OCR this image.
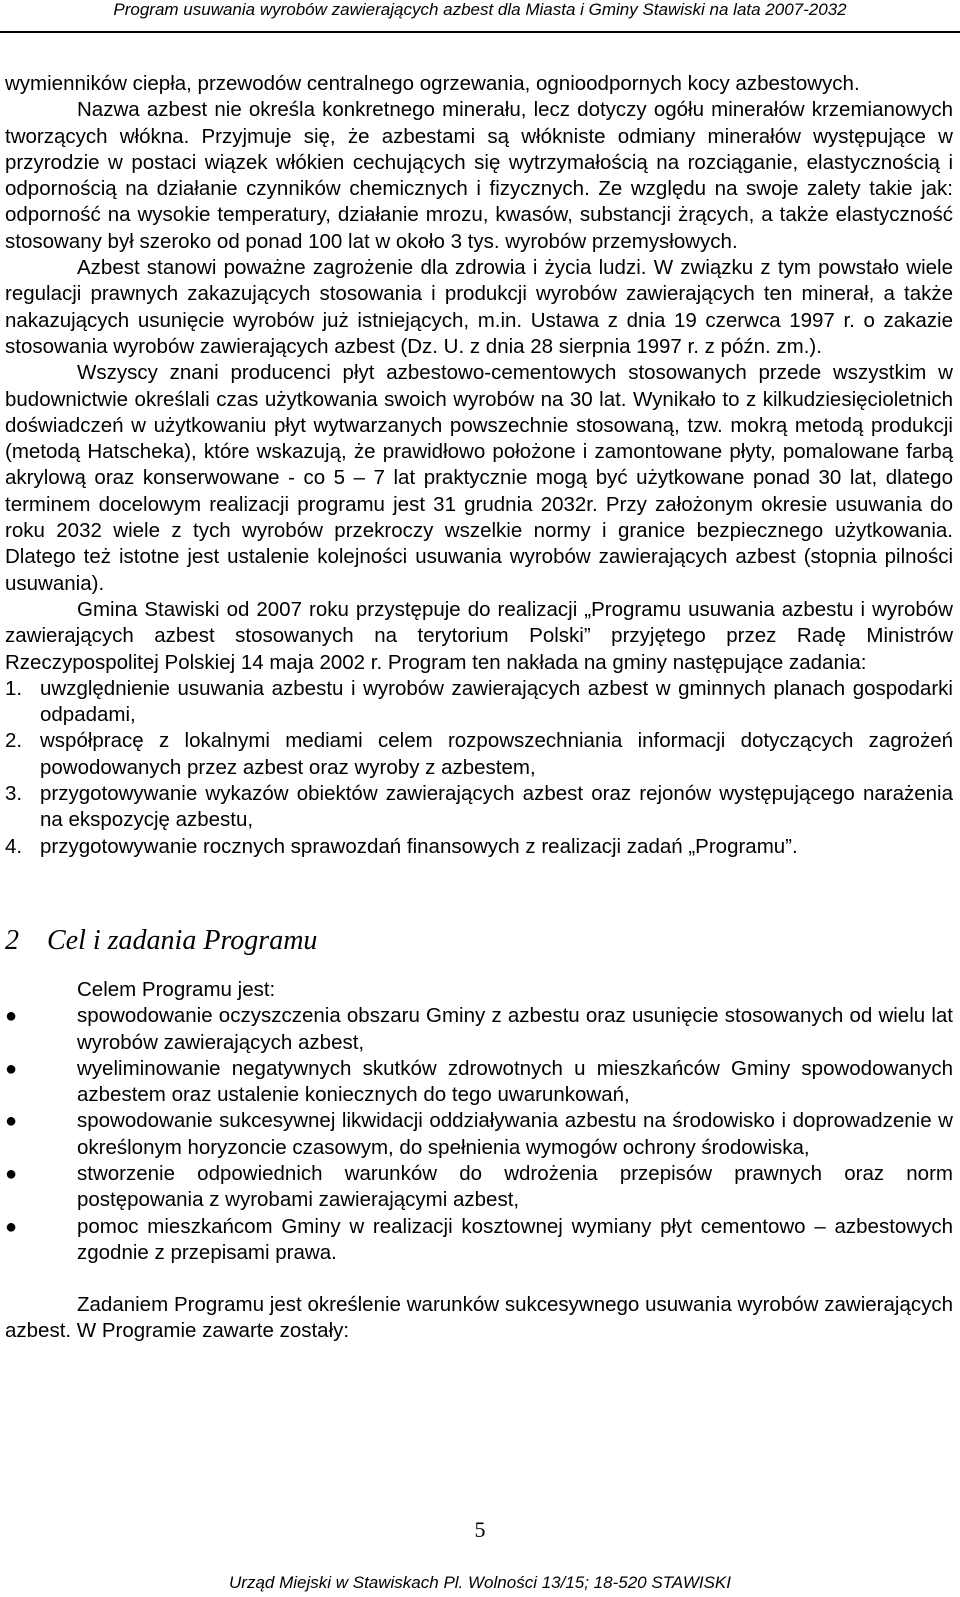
Program usuwania wyrobów zawierających azbest dla Miasta i Gminy Stawiski na lata 2007-2032

wymienników ciepła, przewodów centralnego ogrzewania, ognioodpornych kocy azbestowych.

Nazwa azbest nie określa konkretnego minerału, lecz dotyczy ogółu minerałów krzemianowych tworzących włókna. Przyjmuje się, że azbestami są włókniste odmiany minerałów występujące w przyrodzie w postaci wiązek włókien cechujących się wytrzymałością na rozciąganie, elastycznością i odpornością na działanie czynników chemicznych i fizycznych. Ze względu na swoje zalety takie jak: odporność na wysokie temperatury, działanie mrozu, kwasów, substancji żrących, a także elastyczność stosowany był szeroko od ponad 100 lat w około 3 tys. wyrobów przemysłowych.

Azbest stanowi poważne zagrożenie dla zdrowia i życia ludzi. W związku z tym powstało wiele regulacji prawnych zakazujących stosowania i produkcji wyrobów zawierających ten minerał, a także nakazujących usunięcie wyrobów już istniejących, m.in. Ustawa z dnia 19 czerwca 1997 r. o zakazie stosowania wyrobów zawierających azbest (Dz. U. z dnia 28 sierpnia 1997 r. z późn. zm.).

Wszyscy znani producenci płyt azbestowo-cementowych stosowanych przede wszystkim w budownictwie określali czas użytkowania swoich wyrobów na 30 lat. Wynikało to z kilkudziesięcioletnich doświadczeń w użytkowaniu płyt wytwarzanych powszechnie stosowaną, tzw. mokrą metodą produkcji (metodą Hatscheka), które wskazują, że prawidłowo położone i zamontowane płyty, pomalowane farbą akrylową oraz konserwowane - co 5 – 7 lat praktycznie mogą być użytkowane ponad 30 lat, dlatego terminem docelowym realizacji programu jest 31 grudnia 2032r. Przy założonym okresie usuwania do roku 2032 wiele z tych wyrobów przekroczy wszelkie normy i granice bezpiecznego użytkowania. Dlatego też istotne jest ustalenie kolejności usuwania wyrobów zawierających azbest (stopnia pilności usuwania).

Gmina Stawiski od 2007 roku przystępuje do realizacji „Programu usuwania azbestu i wyrobów zawierających azbest stosowanych na terytorium Polski” przyjętego przez Radę Ministrów Rzeczypospolitej Polskiej 14 maja 2002 r. Program ten nakłada na gminy następujące zadania:

1. uwzględnienie usuwania azbestu i wyrobów zawierających azbest w gminnych planach gospodarki odpadami,
2. współpracę z lokalnymi mediami celem rozpowszechniania informacji dotyczących zagrożeń powodowanych przez azbest oraz wyroby z azbestem,
3. przygotowywanie wykazów obiektów zawierających azbest oraz rejonów występującego narażenia na ekspozycję azbestu,
4. przygotowywanie rocznych sprawozdań finansowych z realizacji zadań „Programu”.
2 Cel i zadania Programu

Celem Programu jest:

●	spowodowanie oczyszczenia obszaru Gminy z azbestu oraz usunięcie stosowanych od wielu lat wyrobów zawierających azbest,
●	wyeliminowanie negatywnych skutków zdrowotnych u mieszkańców Gminy spowodowanych azbestem oraz ustalenie koniecznych do tego uwarunkowań,
●	spowodowanie sukcesywnej likwidacji oddziaływania azbestu na środowisko i doprowadzenie w określonym horyzoncie czasowym, do spełnienia wymogów ochrony środowiska,
●	stworzenie odpowiednich warunków do wdrożenia przepisów prawnych oraz norm postępowania z wyrobami zawierającymi azbest,
●	pomoc mieszkańcom Gminy w realizacji kosztownej wymiany płyt cementowo – azbestowych zgodnie z przepisami prawa.

Zadaniem Programu jest określenie warunków sukcesywnego usuwania wyrobów zawierających azbest. W Programie zawarte zostały:

5
Urząd Miejski w Stawiskach Pl. Wolności 13/15; 18-520 STAWISKI
